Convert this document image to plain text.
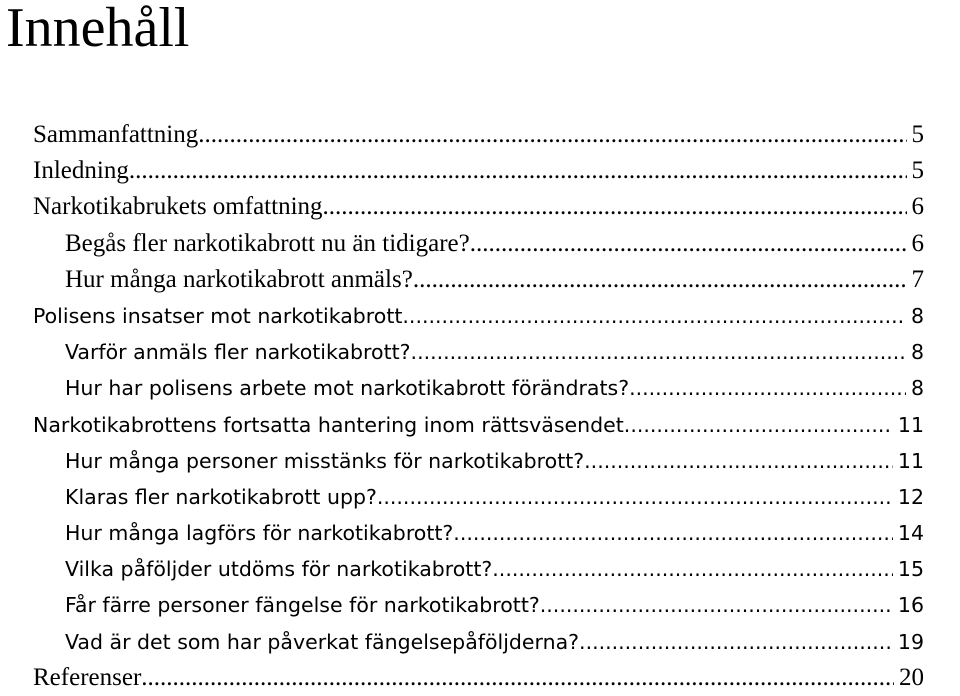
Innehåll
Sammanfattning .....	5
Inledning .....	5
Narkotikabrukets omfattning .....	6
Begås fler narkotikabrott nu än tidigare? .....	6
Hur många narkotikabrott anmäls? .....	7
Polisens insatser mot narkotikabrott .....	8
Varför anmäls fler narkotikabrott? .....	8
Hur har polisens arbete mot narkotikabrott förändrats? .....	8
Narkotikabrottens fortsatta hantering inom rättsväsendet .....	11
Hur många personer misstänks för narkotikabrott? .....	11
Klaras fler narkotikabrott upp? .....	12
Hur många lagförs för narkotikabrott? .....	14
Vilka påföljder utdöms för narkotikabrott? .....	15
Får färre personer fängelse för narkotikabrott? .....	16
Vad är det som har påverkat fängelsepåföljderna? .....	19
Referenser .....	20
